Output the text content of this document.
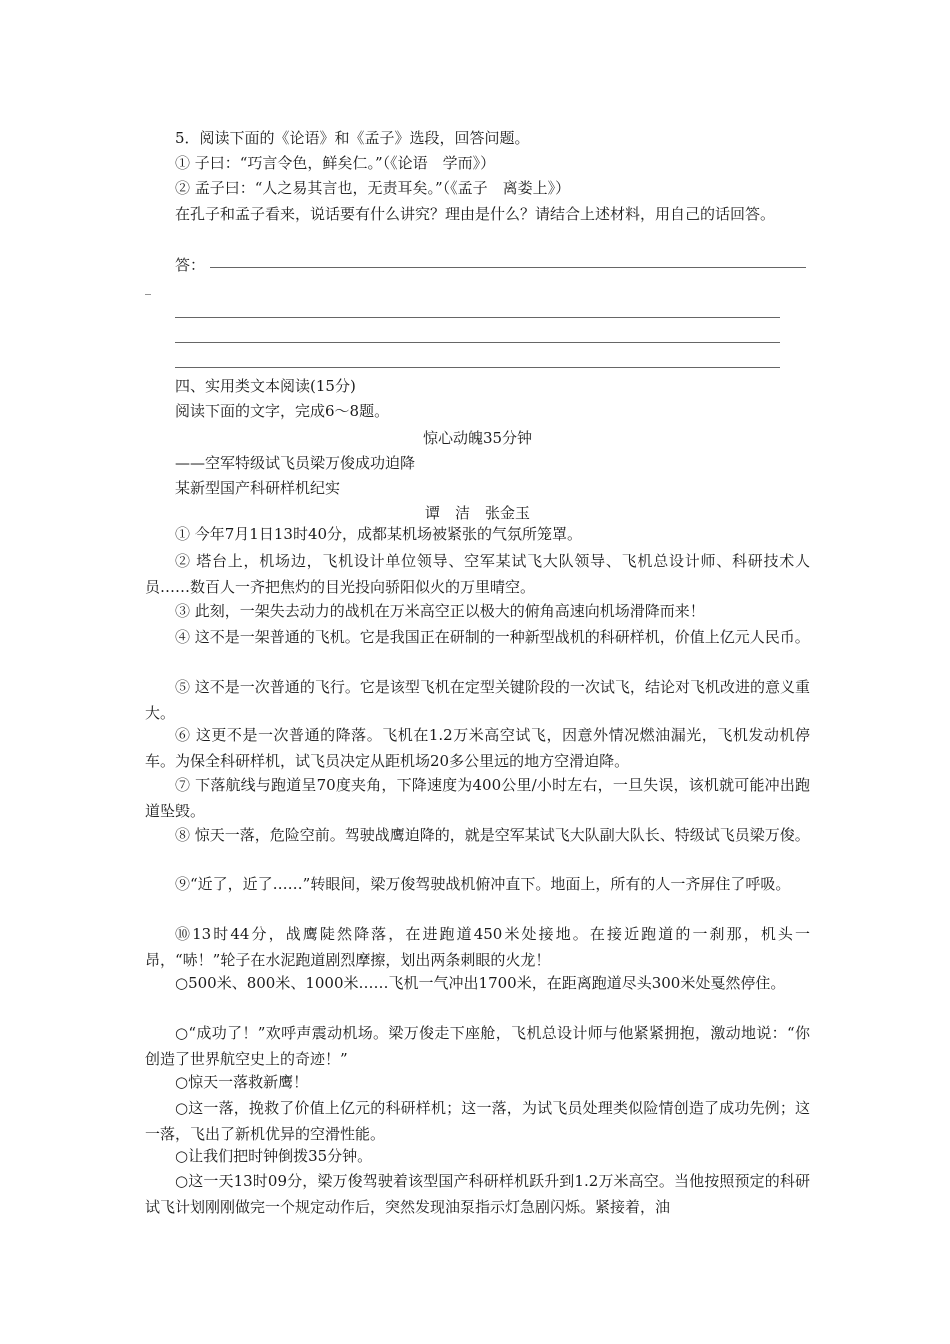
5．阅读下面的《论语》和《孟子》选段，回答问题。
① 子曰：“巧言令色，鲜矣仁。”（《论语　学而》）
② 孟子曰：“人之易其言也，无责耳矣。”（《孟子　离娄上》）
在孔子和孟子看来，说话要有什么讲究？理由是什么？请结合上述材料，用自己的话回答。
答：
_
四、实用类文本阅读(15分)
阅读下面的文字，完成6～8题。
惊心动魄35分钟
——空军特级试飞员梁万俊成功迫降
某新型国产科研样机纪实
谭　洁　张金玉
① 今年7月1日13时40分，成都某机场被紧张的气氛所笼罩。
② 塔台上，机场边，飞机设计单位领导、空军某试飞大队领导、飞机总设计师、科研技术人员……数百人一齐把焦灼的目光投向骄阳似火的万里晴空。
③ 此刻，一架失去动力的战机在万米高空正以极大的俯角高速向机场滑降而来！
④ 这不是一架普通的飞机。它是我国正在研制的一种新型战机的科研样机，价值上亿元人民币。
⑤ 这不是一次普通的飞行。它是该型飞机在定型关键阶段的一次试飞，结论对飞机改进的意义重大。
⑥ 这更不是一次普通的降落。飞机在1.2万米高空试飞，因意外情况燃油漏光，飞机发动机停车。为保全科研样机，试飞员决定从距机场20多公里远的地方空滑迫降。
⑦ 下落航线与跑道呈70度夹角，下降速度为400公里/小时左右，一旦失误，该机就可能冲出跑道坠毁。
⑧ 惊天一落，危险空前。驾驶战鹰迫降的，就是空军某试飞大队副大队长、特级试飞员梁万俊。
⑨“近了，近了……”转眼间，梁万俊驾驶战机俯冲直下。地面上，所有的人一齐屏住了呼吸。
⑩13时44分，战鹰陡然降落，在进跑道450米处接地。在接近跑道的一刹那，机头一昂，“哧！”轮子在水泥跑道剧烈摩擦，划出两条刺眼的火龙！
○500米、800米、1000米……飞机一气冲出1700米，在距离跑道尽头300米处戛然停住。
○“成功了！”欢呼声震动机场。梁万俊走下座舱，飞机总设计师与他紧紧拥抱，激动地说：“你创造了世界航空史上的奇迹！”
○惊天一落救新鹰！
○这一落，挽救了价值上亿元的科研样机；这一落，为试飞员处理类似险情创造了成功先例；这一落，飞出了新机优异的空滑性能。
○让我们把时钟倒拨35分钟。
○这一天13时09分，梁万俊驾驶着该型国产科研样机跃升到1.2万米高空。当他按照预定的科研试飞计划刚刚做完一个规定动作后，突然发现油泵指示灯急剧闪烁。紧接着，油
